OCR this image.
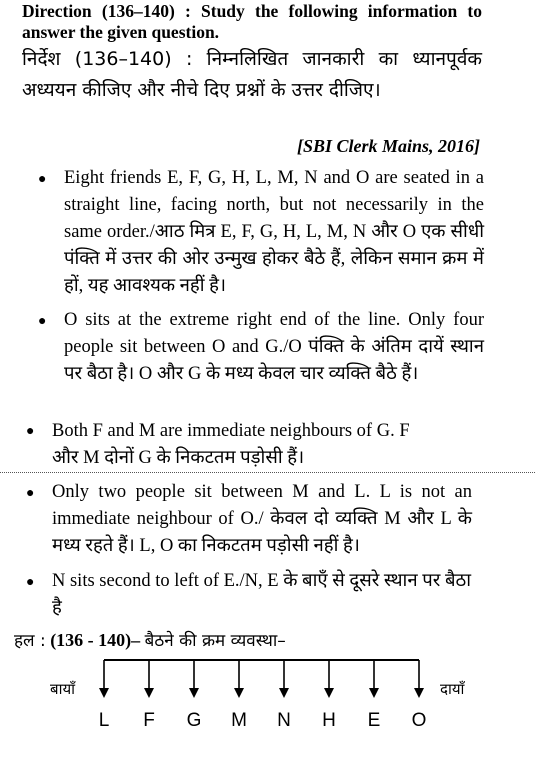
Direction (136–140) : Study the following information to answer the given question.
निर्देश (136–140) : निम्नलिखित जानकारी का ध्यानपूर्वक अध्ययन कीजिए और नीचे दिए प्रश्नों के उत्तर दीजिए।
[SBI Clerk Mains, 2016]
● Eight friends E, F, G, H, L, M, N and O are seated in a straight line, facing north, but not necessarily in the same order./आठ मित्र E, F, G, H, L, M, N और O एक सीधी पंक्ति में उत्तर की ओर उन्मुख होकर बैठे हैं, लेकिन समान क्रम में हों, यह आवश्यक नहीं है।
● O sits at the extreme right end of the line. Only four people sit between O and G./O पंक्ति के अंतिम दायें स्थान पर बैठा है। O और G के मध्य केवल चार व्यक्ति बैठे हैं।
● Both F and M are immediate neighbours of G. F और M दोनों G के निकटतम पड़ोसी हैं।
● Only two people sit between M and L. L is not an immediate neighbour of O./ केवल दो व्यक्ति M और L के मध्य रहते हैं। L, O का निकटतम पड़ोसी नहीं है।
● N sits second to left of E./N, E के बाएँ से दूसरे स्थान पर बैठा है
हल : (136 - 140)– बैठने की क्रम व्यवस्था–
बायाँ	दायाँ
L F G M N H E O
